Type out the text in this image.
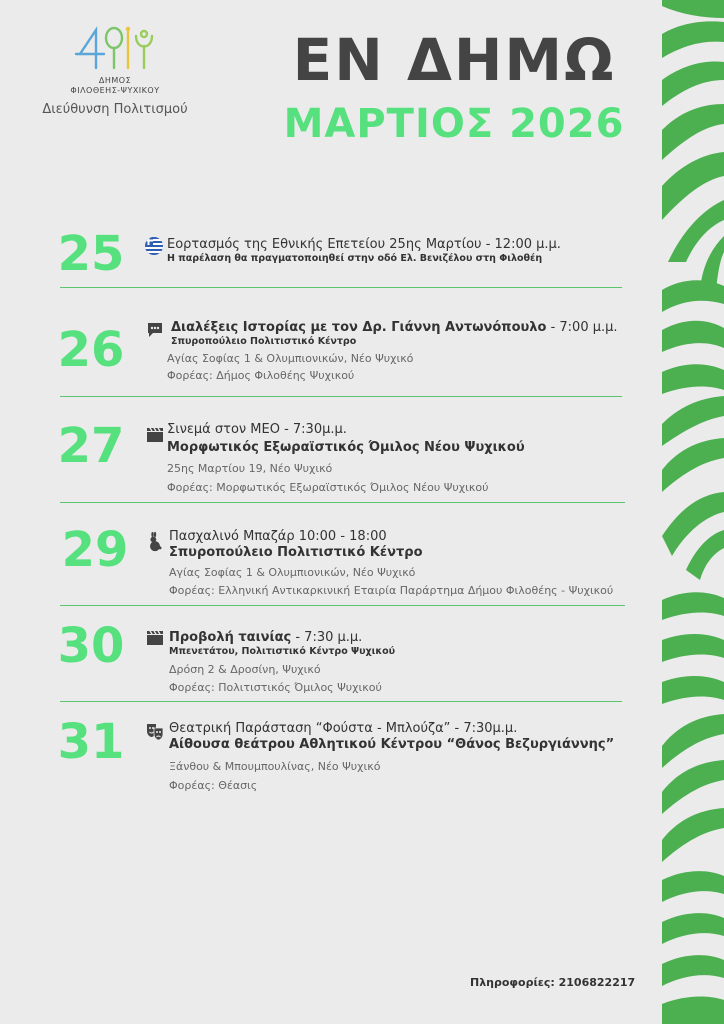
ΔΗΜΟΣ
ΦΙΛΟΘΕΗΣ-ΨΥΧΙΚΟΥ
Διεύθυνση Πολιτισμού
ΕΝ ΔΗΜΩ
ΜΑΡΤΙΟΣ 2026
25	Εορτασμός της Εθνικής Επετείου 25ης Μαρτίου - 12:00 μ.μ.
Η παρέλαση θα πραγματοποιηθεί στην οδό Ελ. Βενιζέλου στη Φιλοθέη
26	Διαλέξεις Ιστορίας με τον Δρ. Γιάννη Αντωνόπουλο - 7:00 μ.μ.
Σπυροπούλειο Πολιτιστικό Κέντρο
Αγίας Σοφίας 1 & Ολυμπιονικών, Νέο Ψυχικό
Φορέας: Δήμος Φιλοθέης Ψυχικού
27	Σινεμά στον ΜΕΟ - 7:30μ.μ.
Μορφωτικός Εξωραϊστικός Όμιλος Νέου Ψυχικού
25ης Μαρτίου 19, Νέο Ψυχικό
Φορέας: Μορφωτικός Εξωραϊστικός Όμιλος Νέου Ψυχικού
29	Πασχαλινό Μπαζάρ 10:00 - 18:00
Σπυροπούλειο Πολιτιστικό Κέντρο
Αγίας Σοφίας 1 & Ολυμπιονικών, Νέο Ψυχικό
Φορέας: Ελληνική Αντικαρκινική Εταιρία Παράρτημα Δήμου Φιλοθέης - Ψυχικού
30	Προβολή ταινίας - 7:30 μ.μ.
Μπενετάτου, Πολιτιστικό Κέντρο Ψυχικού
Δρόση 2 & Δροσίνη, Ψυχικό
Φορέας: Πολιτιστικός Όμιλος Ψυχικού
31	Θεατρική Παράσταση “Φούστα - Μπλούζα” - 7:30μ.μ.
Αίθουσα θεάτρου Αθλητικού Κέντρου “Θάνος Βεζυργιάννης”
Ξάνθου & Μπουμπουλίνας, Νέο Ψυχικό
Φορέας: Θέασις
Πληροφορίες: 2106822217
